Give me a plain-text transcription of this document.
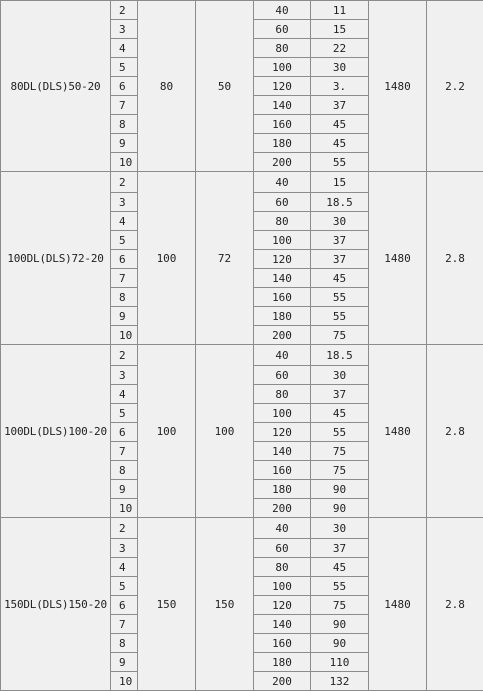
80DL(DLS)50-20	2	80	50	40	11	1480	2.2
	3			60	15		
	4			80	22		
	5			100	30		
	6			120	3.		
	7			140	37		
	8			160	45		
	9			180	45		
	10			200	55		
100DL(DLS)72-20	2	100	72	40	15	1480	2.8
	3			60	18.5		
	4			80	30		
	5			100	37		
	6			120	37		
	7			140	45		
	8			160	55		
	9			180	55		
	10			200	75		
100DL(DLS)100-20	2	100	100	40	18.5	1480	2.8
	3			60	30		
	4			80	37		
	5			100	45		
	6			120	55		
	7			140	75		
	8			160	75		
	9			180	90		
	10			200	90		
150DL(DLS)150-20	2	150	150	40	30	1480	2.8
	3			60	37		
	4			80	45		
	5			100	55		
	6			120	75		
	7			140	90		
	8			160	90		
	9			180	110		
	10			200	132		
